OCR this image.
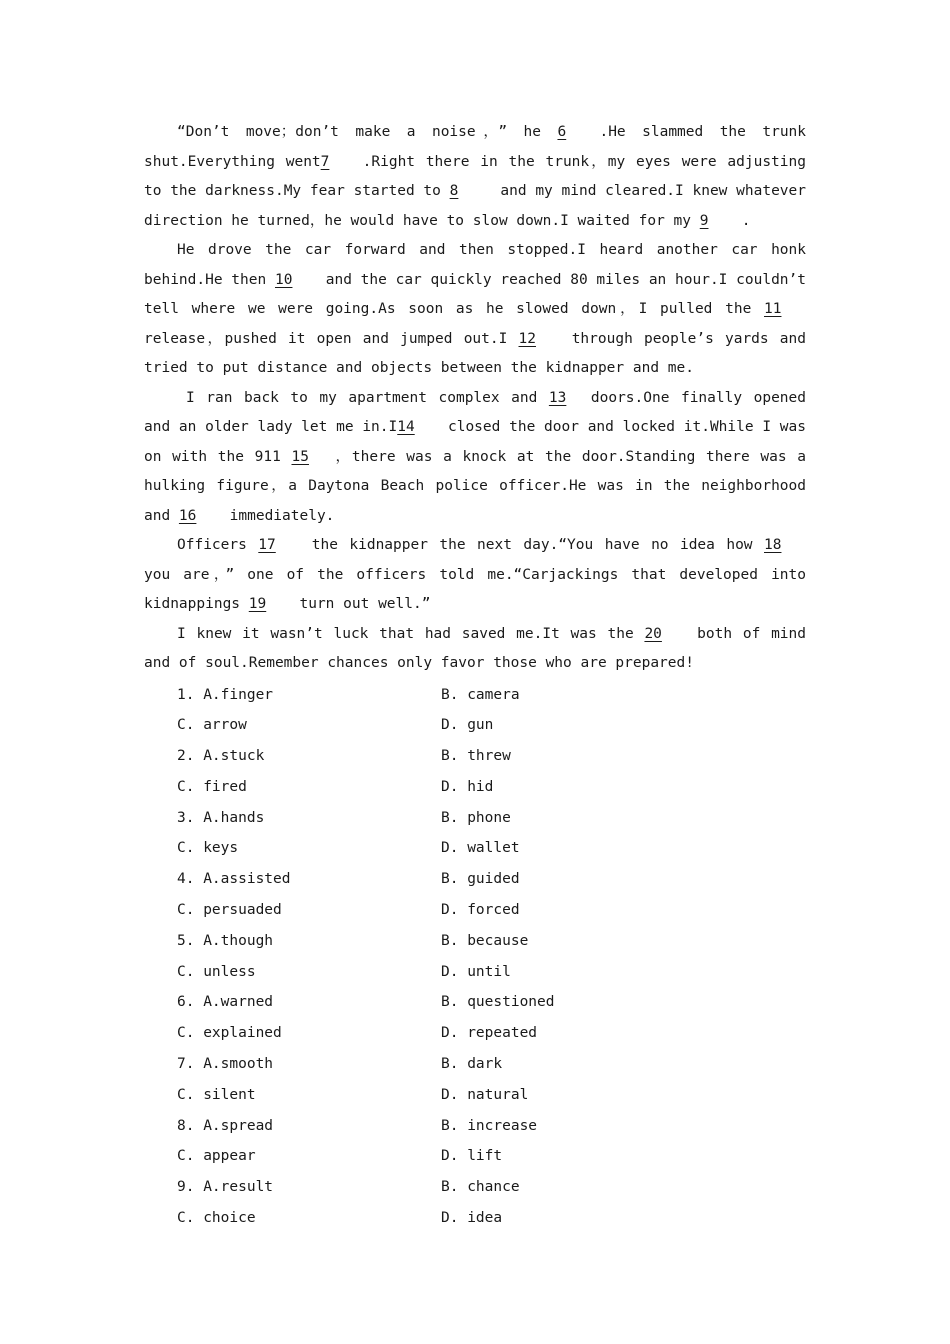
“Don’t move；don’t make a noise，” he 6 .He slammed the trunk shut.Everything went7 .Right there in the trunk，my eyes were adjusting to the darkness.My fear started to 8 and my mind cleared.I knew whatever direction he turned，he would have to slow down.I waited for my 9 .

He drove the car forward and then stopped.I heard another car honk behind.He then 10 and the car quickly reached 80 miles an hour.I couldn’t tell where we were going.As soon as he slowed down，I pulled the 11 release，pushed it open and jumped out.I 12 through people’s yards and tried to put distance and objects between the kidnapper and me.

I ran back to my apartment complex and 13 doors.One finally opened and an older lady let me in.I14 closed the door and locked it.While I was on with the 911 15 ，there was a knock at the door.Standing there was a hulking figure，a Daytona Beach police officer.He was in the neighborhood and 16 immediately.

Officers 17 the kidnapper the next day.“You have no idea how 18 you are，” one of the officers told me.“Carjackings that developed into kidnappings 19 turn out well.”

I knew it wasn’t luck that had saved me.It was the 20 both of mind and of soul.Remember chances only favor those who are prepared!

1. A.finger	B. camera
C. arrow	D. gun
2. A.stuck	B. threw
C. fired	D. hid
3. A.hands	B. phone
C. keys	D. wallet
4. A.assisted	B. guided
C. persuaded	D. forced
5. A.though	B. because
C. unless	D. until
6. A.warned	B. questioned
C. explained	D. repeated
7. A.smooth	B. dark
C. silent	D. natural
8. A.spread	B. increase
C. appear	D. lift
9. A.result	B. chance
C. choice	D. idea
